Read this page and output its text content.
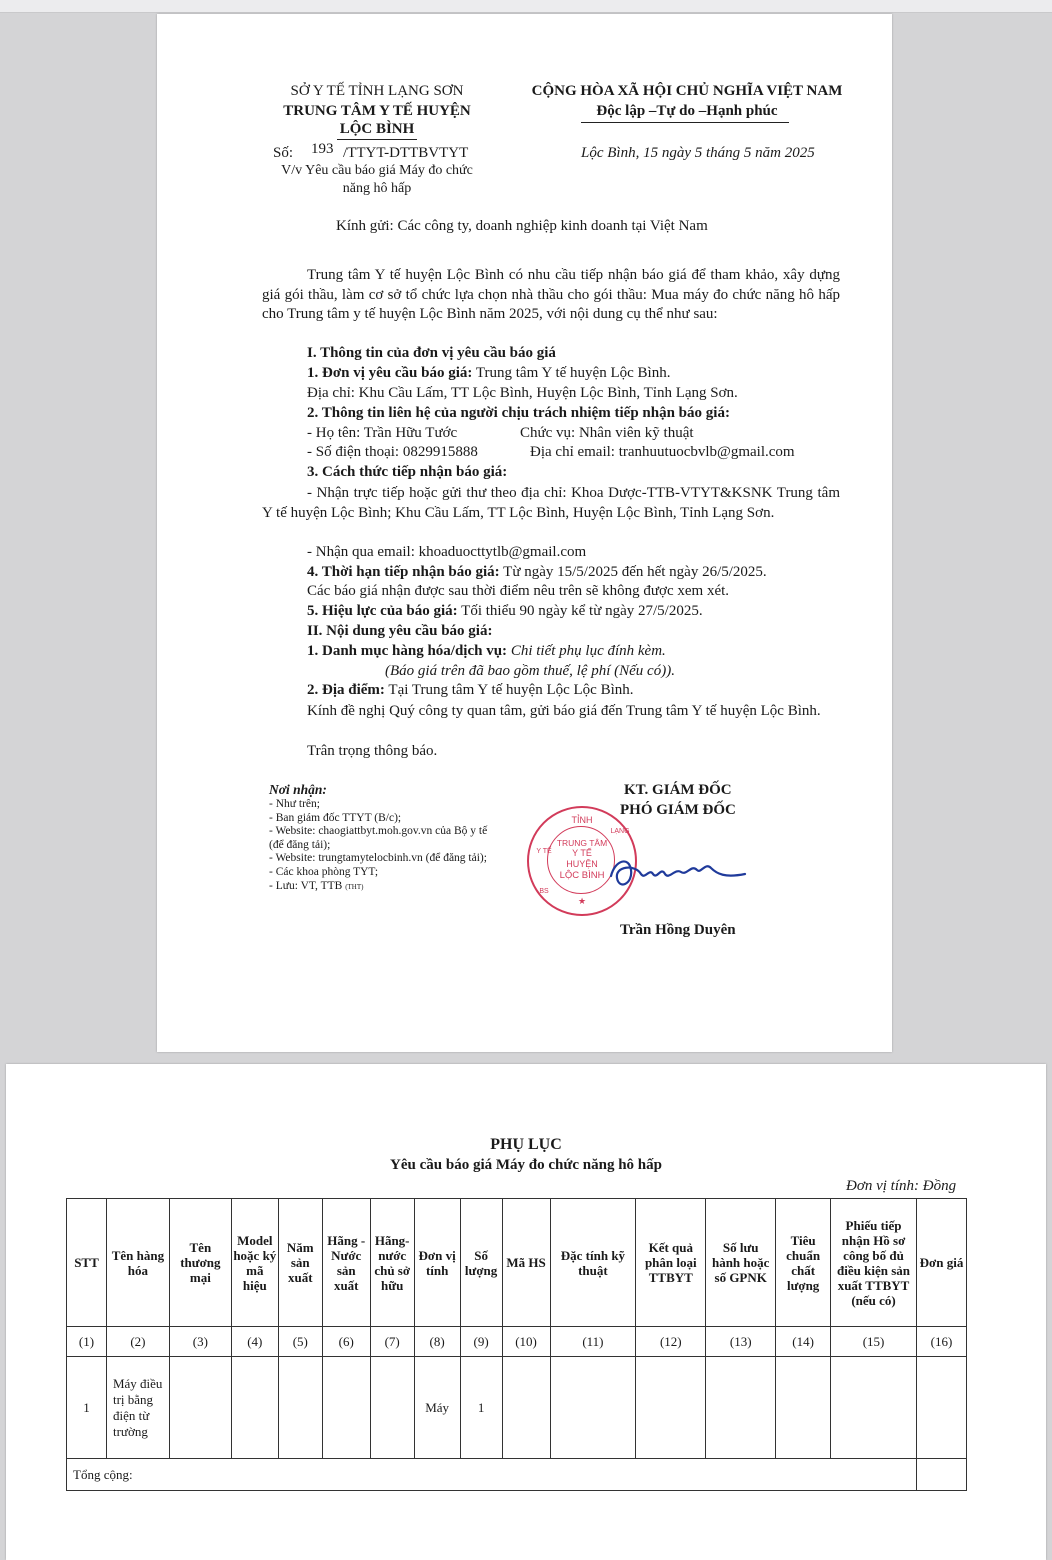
SỞ Y TẾ TỈNH LẠNG SƠN
TRUNG TÂM Y TẾ HUYỆN
LỘC BÌNH
Số: 193 /TTYT-DTTBVTYT
V/v Yêu cầu báo giá Máy đo chức
năng hô hấp
CỘNG HÒA XÃ HỘI CHỦ NGHĨA VIỆT NAM
Độc lập –Tự do –Hạnh phúc
Lộc Bình, 15 ngày 5 tháng 5 năm 2025
Kính gửi: Các công ty, doanh nghiệp kinh doanh tại Việt Nam
Trung tâm Y tế huyện Lộc Bình có nhu cầu tiếp nhận báo giá để tham khảo, xây dựng giá gói thầu, làm cơ sở tổ chức lựa chọn nhà thầu cho gói thầu: Mua máy đo chức năng hô hấp cho Trung tâm y tế huyện Lộc Bình năm 2025, với nội dung cụ thể như sau:
I. Thông tin của đơn vị yêu cầu báo giá
1. Đơn vị yêu cầu báo giá: Trung tâm Y tế huyện Lộc Bình.
Địa chỉ: Khu Cầu Lấm, TT Lộc Bình, Huyện Lộc Bình, Tỉnh Lạng Sơn.
2. Thông tin liên hệ của người chịu trách nhiệm tiếp nhận báo giá:
- Họ tên: Trần Hữu Tước	Chức vụ: Nhân viên kỹ thuật
- Số điện thoại: 0829915888	Địa chỉ email: tranhuutuocbvlb@gmail.com
3. Cách thức tiếp nhận báo giá:
- Nhận trực tiếp hoặc gửi thư theo địa chỉ: Khoa Dược-TTB-VTYT&KSNK Trung tâm Y tế huyện Lộc Bình; Khu Cầu Lấm, TT Lộc Bình, Huyện Lộc Bình, Tỉnh Lạng Sơn.
- Nhận qua email: khoaduocttytlb@gmail.com
4. Thời hạn tiếp nhận báo giá: Từ ngày 15/5/2025 đến hết ngày 26/5/2025.
Các báo giá nhận được sau thời điểm nêu trên sẽ không được xem xét.
5. Hiệu lực của báo giá: Tối thiểu 90 ngày kể từ ngày 27/5/2025.
II. Nội dung yêu cầu báo giá:
1. Danh mục hàng hóa/dịch vụ: Chi tiết phụ lục đính kèm.
(Báo giá trên đã bao gồm thuế, lệ phí (Nếu có)).
2. Địa điểm: Tại Trung tâm Y tế huyện Lộc Lộc Bình.
Kính đề nghị Quý công ty quan tâm, gửi báo giá đến Trung tâm Y tế huyện Lộc Bình.
Trân trọng thông báo.
Nơi nhận:
- Như trên;
- Ban giám đốc TTYT (B/c);
- Website: chaogiattbyt.moh.gov.vn của Bộ y tế
(để đăng tải);
- Website: trungtamytelocbinh.vn (để đăng tải);
- Các khoa phòng TYT;
- Lưu: VT, TTB (THT)
KT. GIÁM ĐỐC
PHÓ GIÁM ĐỐC
TỈNH
TRUNG TÂM
Y TẾ
HUYỆN
LỘC BÌNH
Y TẾ
LẠNG
BS
★
Trần Hồng Duyên
PHỤ LỤC
Yêu cầu báo giá Máy đo chức năng hô hấp
Đơn vị tính: Đồng
STT	Tên hàng hóa	Tên thương mại	Model hoặc ký mã hiệu	Năm sản xuất	Hãng - Nước sản xuất	Hãng-nước chủ sở hữu	Đơn vị tính	Số lượng	Mã HS	Đặc tính kỹ thuật	Kết quả phân loại TTBYT	Số lưu hành hoặc số GPNK	Tiêu chuẩn chất lượng	Phiếu tiếp nhận Hồ sơ công bố đủ điều kiện sản xuất TTBYT (nếu có)	Đơn giá
(1)	(2)	(3)	(4)	(5)	(6)	(7)	(8)	(9)	(10)	(11)	(12)	(13)	(14)	(15)	(16)
1	Máy điều trị bằng điện từ trường						Máy	1							
Tổng cộng:															
